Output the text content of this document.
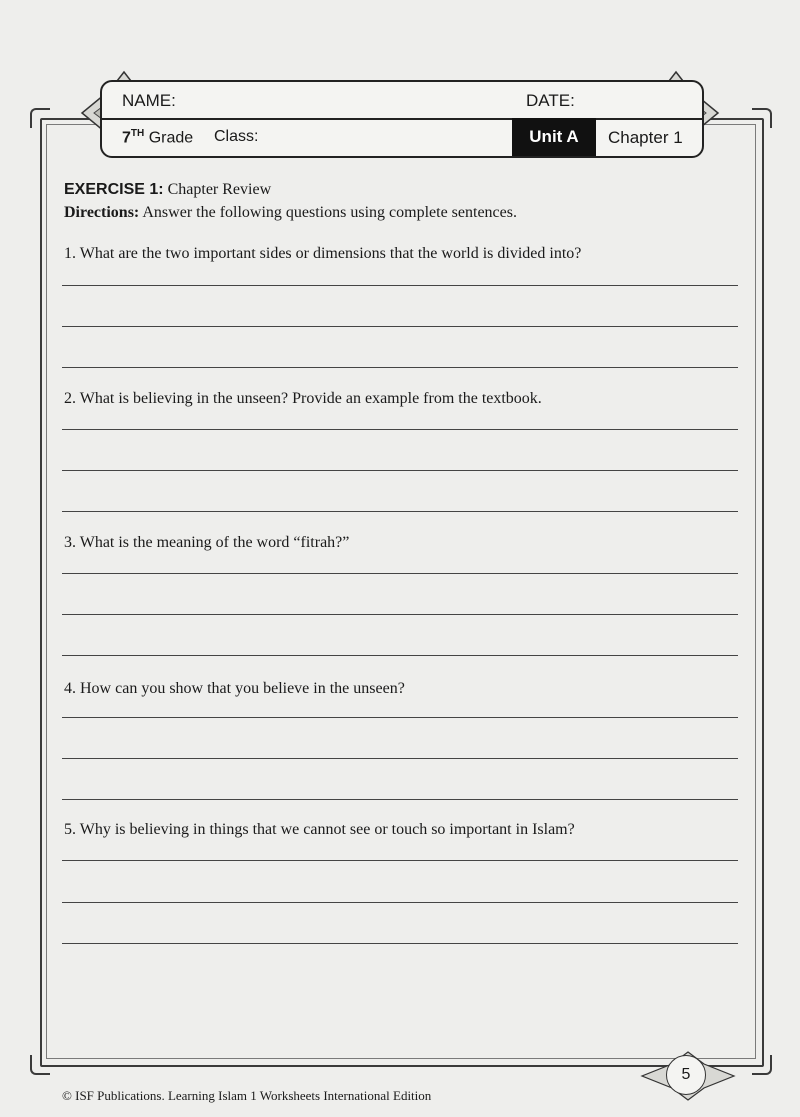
NAME:	DATE:
7TH Grade Class:	Unit A	Chapter 1
EXERCISE 1: Chapter Review
Directions: Answer the following questions using complete sentences.
1. What are the two important sides or dimensions that the world is divided into?
2. What is believing in the unseen? Provide an example from the textbook.
3. What is the meaning of the word “fitrah?”
4. How can you show that you believe in the unseen?
5. Why is believing in things that we cannot see or touch so important in Islam?
5
© ISF Publications. Learning Islam 1 Worksheets International Edition
